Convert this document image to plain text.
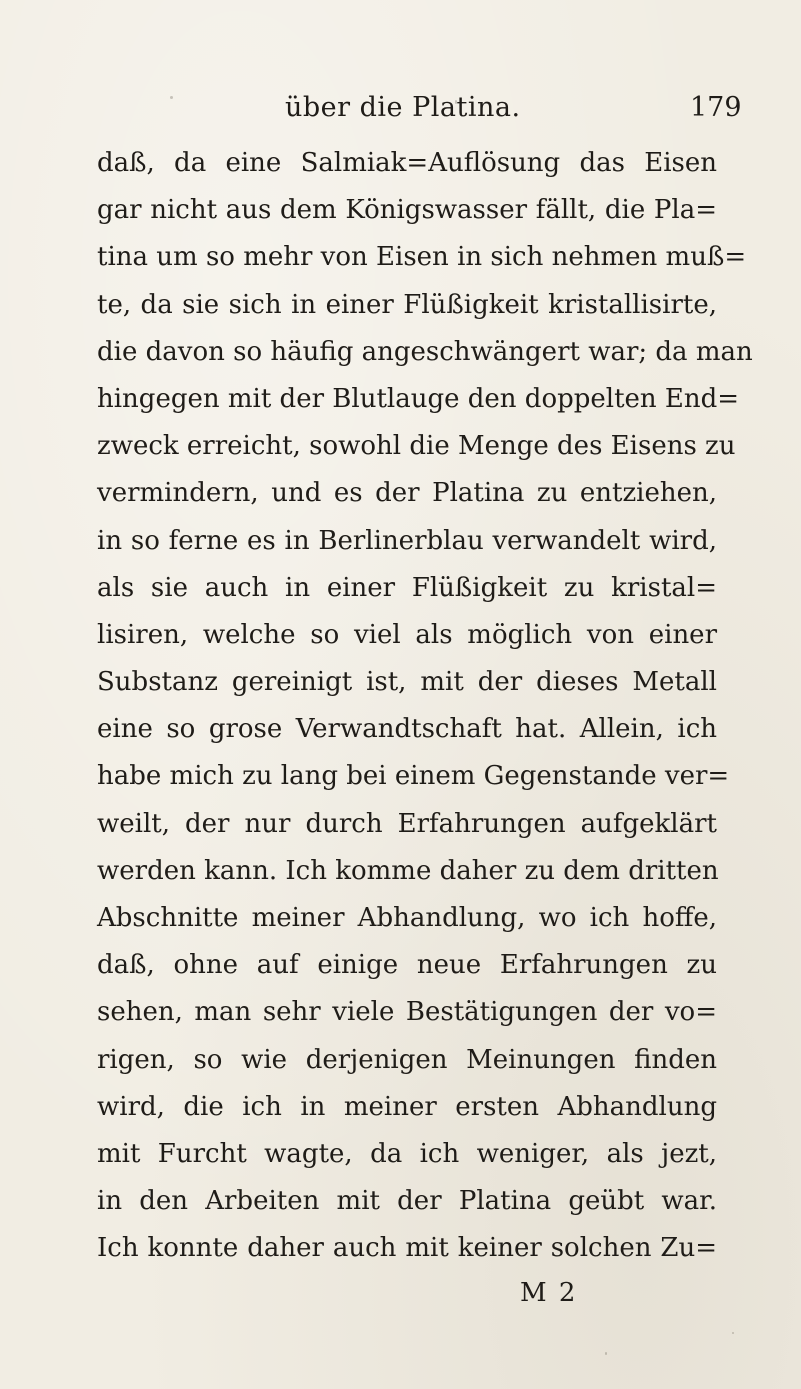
über die Platina.	179
daß, da eine Salmiak=Auflösung das Eisen
gar nicht aus dem Königswasser fällt, die Pla=
tina um so mehr von Eisen in sich nehmen muß=
te, da sie sich in einer Flüßigkeit kristallisirte,
die davon so häufig angeschwängert war; da man
hingegen mit der Blutlauge den doppelten End=
zweck erreicht, sowohl die Menge des Eisens zu
vermindern, und es der Platina zu entziehen,
in so ferne es in Berlinerblau verwandelt wird,
als sie auch in einer Flüßigkeit zu kristal=
lisiren, welche so viel als möglich von einer
Substanz gereinigt ist, mit der dieses Metall
eine so grose Verwandtschaft hat. Allein, ich
habe mich zu lang bei einem Gegenstande ver=
weilt, der nur durch Erfahrungen aufgeklärt
werden kann. Ich komme daher zu dem dritten
Abschnitte meiner Abhandlung, wo ich hoffe,
daß, ohne auf einige neue Erfahrungen zu
sehen, man sehr viele Bestätigungen der vo=
rigen, so wie derjenigen Meinungen finden
wird, die ich in meiner ersten Abhandlung
mit Furcht wagte, da ich weniger, als jezt,
in den Arbeiten mit der Platina geübt war.
Ich konnte daher auch mit keiner solchen Zu=
M 2
